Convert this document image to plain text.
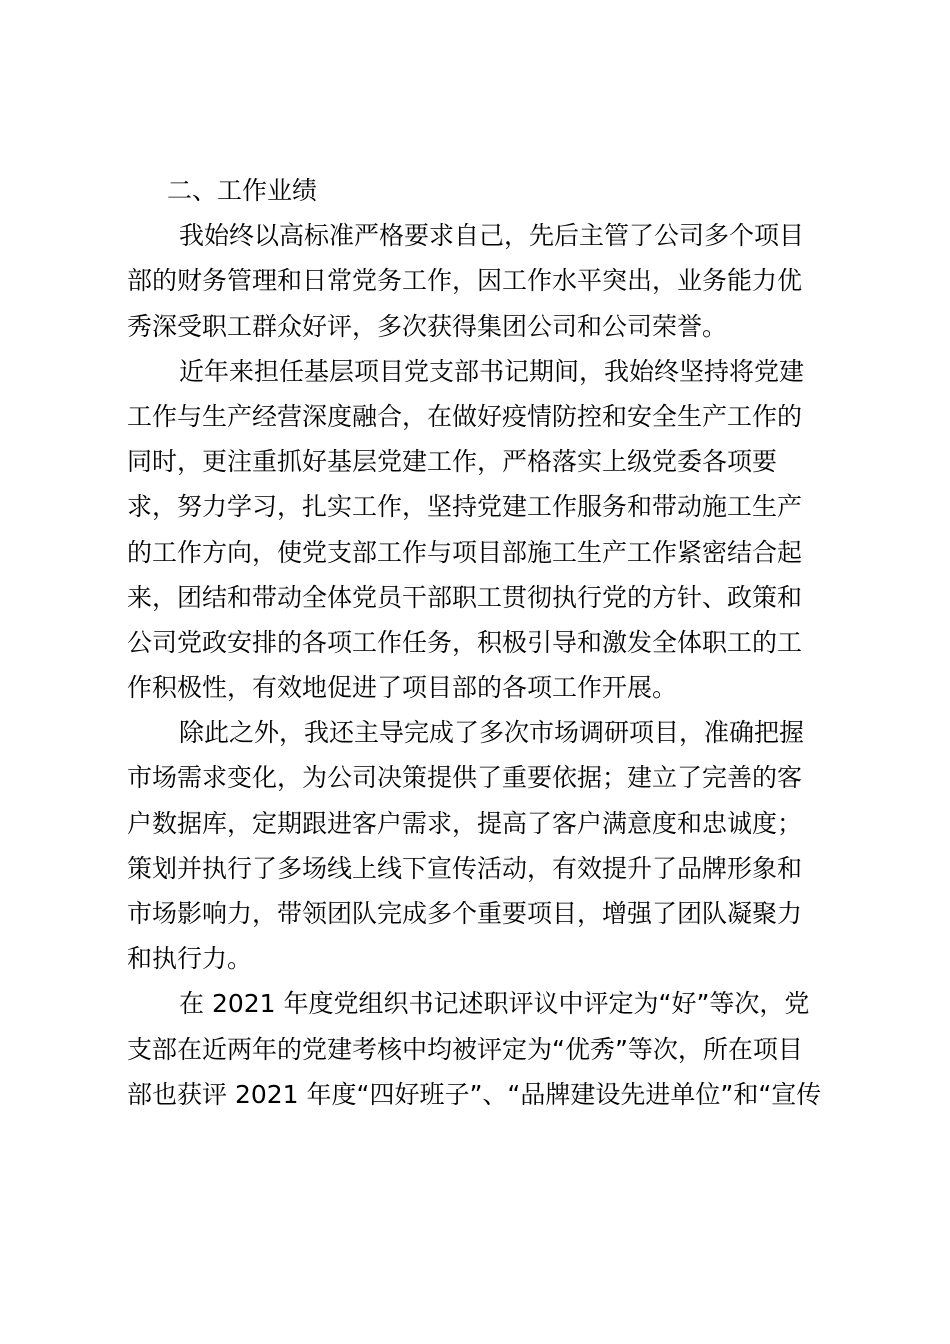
二、工作业绩
我始终以高标准严格要求自己，先后主管了公司多个项目
部的财务管理和日常党务工作，因工作水平突出，业务能力优
秀深受职工群众好评，多次获得集团公司和公司荣誉。
近年来担任基层项目党支部书记期间，我始终坚持将党建
工作与生产经营深度融合，在做好疫情防控和安全生产工作的
同时，更注重抓好基层党建工作，严格落实上级党委各项要
求，努力学习，扎实工作，坚持党建工作服务和带动施工生产
的工作方向，使党支部工作与项目部施工生产工作紧密结合起
来，团结和带动全体党员干部职工贯彻执行党的方针、政策和
公司党政安排的各项工作任务，积极引导和激发全体职工的工
作积极性，有效地促进了项目部的各项工作开展。
除此之外，我还主导完成了多次市场调研项目，准确把握
市场需求变化，为公司决策提供了重要依据；建立了完善的客
户数据库，定期跟进客户需求，提高了客户满意度和忠诚度；
策划并执行了多场线上线下宣传活动，有效提升了品牌形象和
市场影响力，带领团队完成多个重要项目，增强了团队凝聚力
和执行力。
在 2021 年度党组织书记述职评议中评定为“好”等次，党
支部在近两年的党建考核中均被评定为“优秀”等次，所在项目
部也获评 2021 年度“四好班子”、“品牌建设先进单位”和“宣传
